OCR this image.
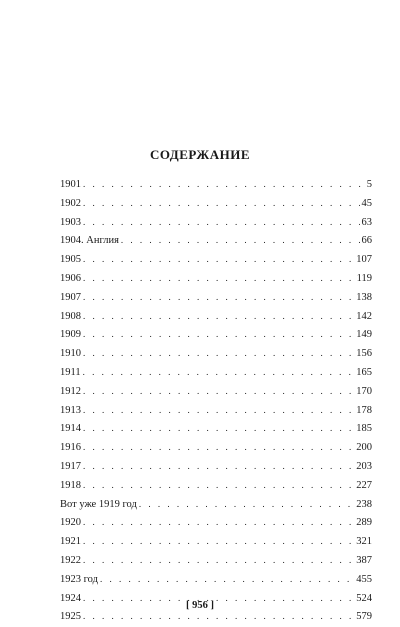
СОДЕРЖАНИЕ
1901 . . .	5
1902 . . .	45
1903 . . .	63
1904. Англия . . .	66
1905 . . .	107
1906 . . .	119
1907 . . .	138
1908 . . .	142
1909 . . .	149
1910 . . .	156
1911 . . .	165
1912 . . .	170
1913 . . .	178
1914 . . .	185
1916 . . .	200
1917 . . .	203
1918 . . .	227
Вот уже 1919 год . . .	238
1920 . . .	289
1921 . . .	321
1922 . . .	387
1923 год . . .	455
1924 . . .	524
1925 . . .	579
[ 956 ]
